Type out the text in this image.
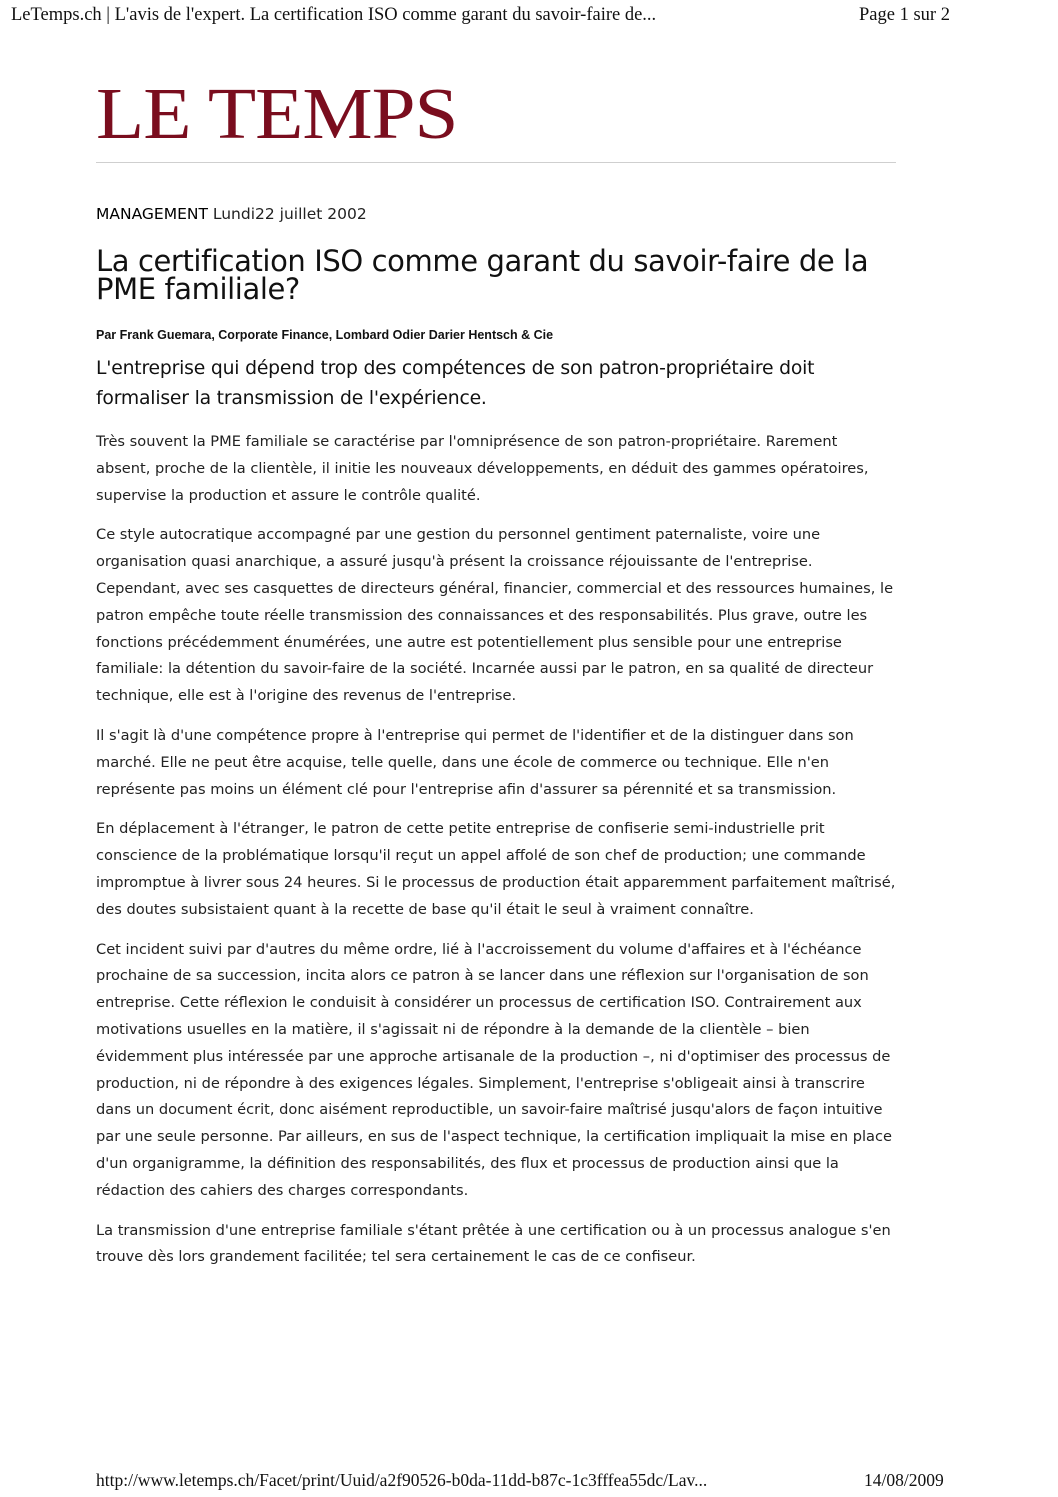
LeTemps.ch | L'avis de l'expert. La certification ISO comme garant du savoir-faire de...	Page 1 sur 2
LE TEMPS
MANAGEMENT Lundi22 juillet 2002
La certification ISO comme garant du savoir-faire de la PME familiale?
Par Frank Guemara, Corporate Finance, Lombard Odier Darier Hentsch & Cie
L'entreprise qui dépend trop des compétences de son patron-propriétaire doit formaliser la transmission de l'expérience.

Très souvent la PME familiale se caractérise par l'omniprésence de son patron-propriétaire. Rarement absent, proche de la clientèle, il initie les nouveaux développements, en déduit des gammes opératoires, supervise la production et assure le contrôle qualité.

Ce style autocratique accompagné par une gestion du personnel gentiment paternaliste, voire une organisation quasi anarchique, a assuré jusqu'à présent la croissance réjouissante de l'entreprise. Cependant, avec ses casquettes de directeurs général, financier, commercial et des ressources humaines, le patron empêche toute réelle transmission des connaissances et des responsabilités. Plus grave, outre les fonctions précédemment énumérées, une autre est potentiellement plus sensible pour une entreprise familiale: la détention du savoir-faire de la société. Incarnée aussi par le patron, en sa qualité de directeur technique, elle est à l'origine des revenus de l'entreprise.

Il s'agit là d'une compétence propre à l'entreprise qui permet de l'identifier et de la distinguer dans son marché. Elle ne peut être acquise, telle quelle, dans une école de commerce ou technique. Elle n'en représente pas moins un élément clé pour l'entreprise afin d'assurer sa pérennité et sa transmission.

En déplacement à l'étranger, le patron de cette petite entreprise de confiserie semi-industrielle prit conscience de la problématique lorsqu'il reçut un appel affolé de son chef de production; une commande impromptue à livrer sous 24 heures. Si le processus de production était apparemment parfaitement maîtrisé, des doutes subsistaient quant à la recette de base qu'il était le seul à vraiment connaître.

Cet incident suivi par d'autres du même ordre, lié à l'accroissement du volume d'affaires et à l'échéance prochaine de sa succession, incita alors ce patron à se lancer dans une réflexion sur l'organisation de son entreprise. Cette réflexion le conduisit à considérer un processus de certification ISO. Contrairement aux motivations usuelles en la matière, il s'agissait ni de répondre à la demande de la clientèle – bien évidemment plus intéressée par une approche artisanale de la production –, ni d'optimiser des processus de production, ni de répondre à des exigences légales. Simplement, l'entreprise s'obligeait ainsi à transcrire dans un document écrit, donc aisément reproductible, un savoir-faire maîtrisé jusqu'alors de façon intuitive par une seule personne. Par ailleurs, en sus de l'aspect technique, la certification impliquait la mise en place d'un organigramme, la définition des responsabilités, des flux et processus de production ainsi que la rédaction des cahiers des charges correspondants.

La transmission d'une entreprise familiale s'étant prêtée à une certification ou à un processus analogue s'en trouve dès lors grandement facilitée; tel sera certainement le cas de ce confiseur.

http://www.letemps.ch/Facet/print/Uuid/a2f90526-b0da-11dd-b87c-1c3fffea55dc/Lav...	14/08/2009
